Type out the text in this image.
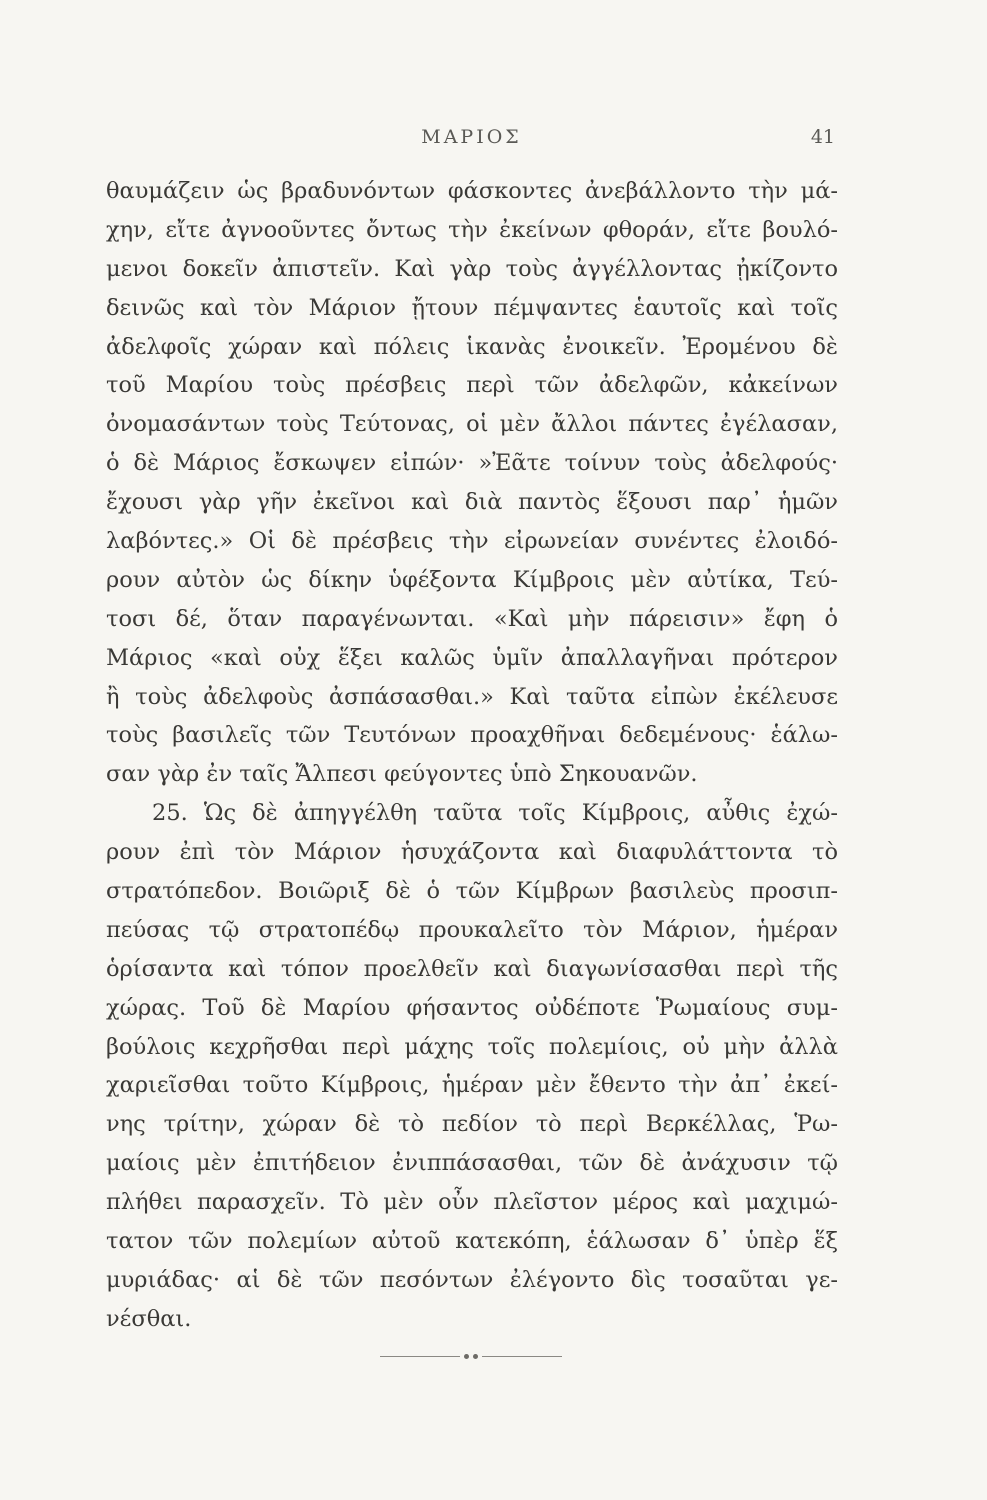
ΜΑΡΙΟΣ	41
θαυμάζειν ὡς βραδυνόντων φάσκοντες ἀνεβάλλοντο τὴν μά-
χην, εἴτε ἀγνοοῦντες ὄντως τὴν ἐκείνων φθοράν, εἴτε βουλό-
μενοι δοκεῖν ἀπιστεῖν. Καὶ γὰρ τοὺς ἀγγέλλοντας ᾐκίζοντο
δεινῶς καὶ τὸν Μάριον ᾔτουν πέμψαντες ἑαυτοῖς καὶ τοῖς
ἀδελφοῖς χώραν καὶ πόλεις ἱκανὰς ἐνοικεῖν. Ἐρομένου δὲ
τοῦ Μαρίου τοὺς πρέσβεις περὶ τῶν ἀδελφῶν, κἀκείνων
ὀνομασάντων τοὺς Τεύτονας, οἱ μὲν ἄλλοι πάντες ἐγέλασαν,
ὁ δὲ Μάριος ἔσκωψεν εἰπών· »Ἐᾶτε τοίνυν τοὺς ἀδελφούς·
ἔχουσι γὰρ γῆν ἐκεῖνοι καὶ διὰ παντὸς ἕξουσι παρ᾽ ἡμῶν
λαβόντες.» Οἱ δὲ πρέσβεις τὴν εἰρωνείαν συνέντες ἐλοιδό-
ρουν αὐτὸν ὡς δίκην ὑφέξοντα Κίμβροις μὲν αὐτίκα, Τεύ-
τοσι δέ, ὅταν παραγένωνται. «Καὶ μὴν πάρεισιν» ἔφη ὁ
Μάριος «καὶ οὐχ ἕξει καλῶς ὑμῖν ἀπαλλαγῆναι πρότερον
ἢ τοὺς ἀδελφοὺς ἀσπάσασθαι.» Καὶ ταῦτα εἰπὼν ἐκέλευσε
τοὺς βασιλεῖς τῶν Τευτόνων προαχθῆναι δεδεμένους· ἑάλω-
σαν γὰρ ἐν ταῖς Ἄλπεσι φεύγοντες ὑπὸ Σηκουανῶν.
25. Ὡς δὲ ἀπηγγέλθη ταῦτα τοῖς Κίμβροις, αὖθις ἐχώ-
ρουν ἐπὶ τὸν Μάριον ἡσυχάζοντα καὶ διαφυλάττοντα τὸ
στρατόπεδον. Βοιῶριξ δὲ ὁ τῶν Κίμβρων βασιλεὺς προσιπ-
πεύσας τῷ στρατοπέδῳ προυκαλεῖτο τὸν Μάριον, ἡμέραν
ὁρίσαντα καὶ τόπον προελθεῖν καὶ διαγωνίσασθαι περὶ τῆς
χώρας. Τοῦ δὲ Μαρίου φήσαντος οὐδέποτε Ῥωμαίους συμ-
βούλοις κεχρῆσθαι περὶ μάχης τοῖς πολεμίοις, οὐ μὴν ἀλλὰ
χαριεῖσθαι τοῦτο Κίμβροις, ἡμέραν μὲν ἔθεντο τὴν ἀπ᾽ ἐκεί-
νης τρίτην, χώραν δὲ τὸ πεδίον τὸ περὶ Βερκέλλας, Ῥω-
μαίοις μὲν ἐπιτήδειον ἐνιππάσασθαι, τῶν δὲ ἀνάχυσιν τῷ
πλήθει παρασχεῖν. Τὸ μὲν οὖν πλεῖστον μέρος καὶ μαχιμώ-
τατον τῶν πολεμίων αὐτοῦ κατεκόπη, ἑάλωσαν δ᾽ ὑπὲρ ἕξ
μυριάδας· αἱ δὲ τῶν πεσόντων ἐλέγοντο δὶς τοσαῦται γε-
νέσθαι.
